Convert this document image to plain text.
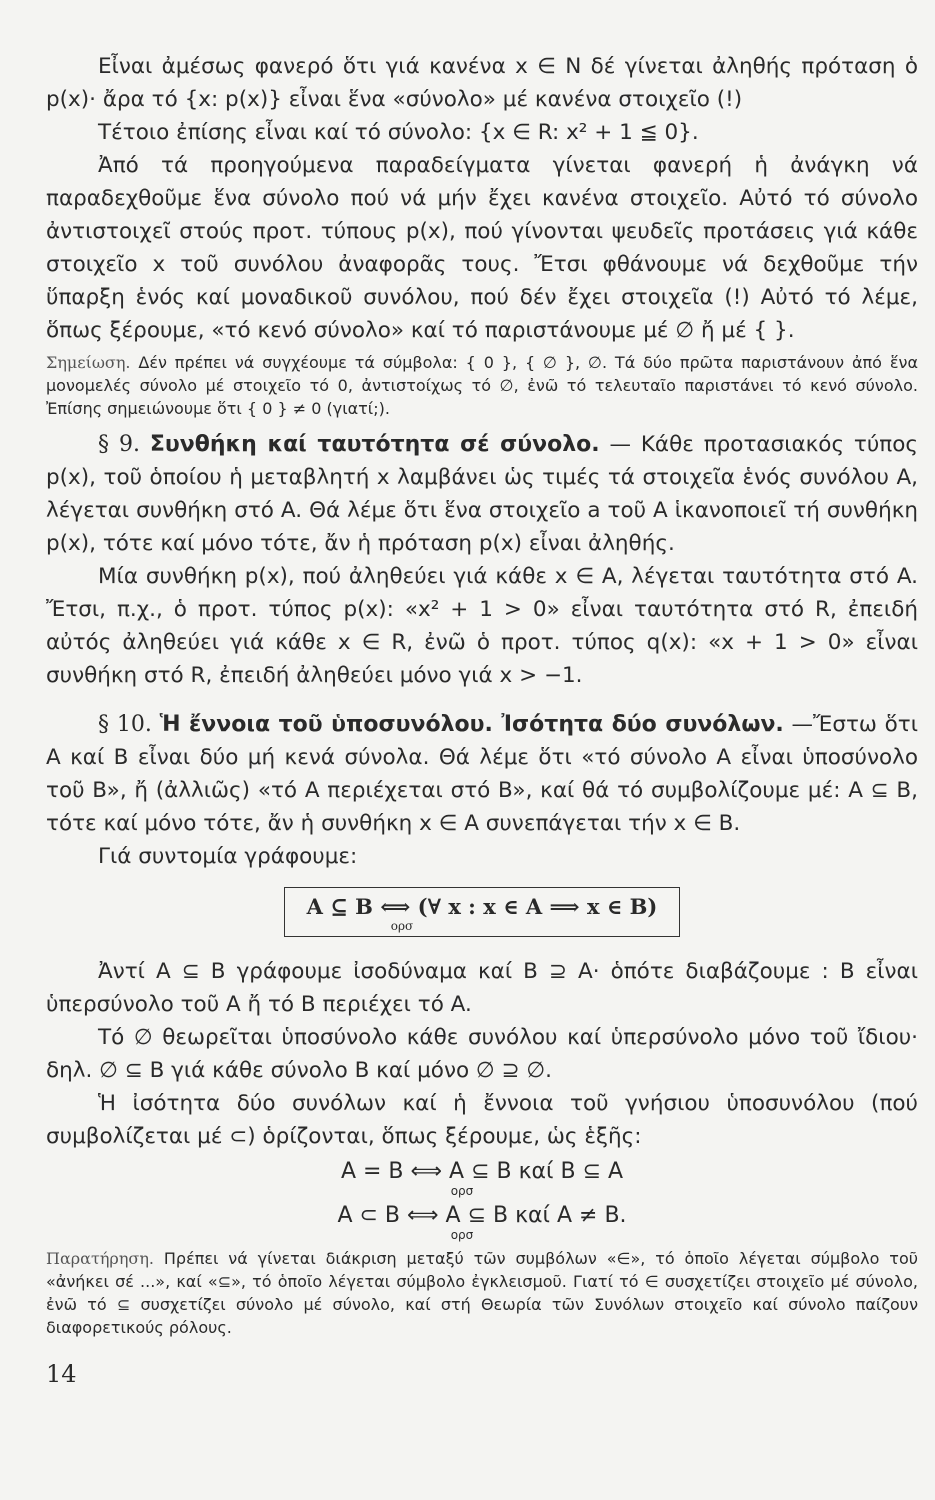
Εἶναι ἀμέσως φανερό ὅτι γιά κανένα x ∈ N δέ γίνεται ἀληθής πρόταση ὁ p(x)· ἄρα τό {x: p(x)} εἶναι ἕνα «σύνολο» μέ κανένα στοιχεῖο (!)

Τέτοιο ἐπίσης εἶναι καί τό σύνολο: {x ∈ R: x² + 1 ≦ 0}.

Ἀπό τά προηγούμενα παραδείγματα γίνεται φανερή ἡ ἀνάγκη νά παραδεχθοῦμε ἕνα σύνολο πού νά μήν ἔχει κανένα στοιχεῖο. Αὐτό τό σύνολο ἀντιστοιχεῖ στούς προτ. τύπους p(x), πού γίνονται ψευδεῖς προτάσεις γιά κάθε στοιχεῖο x τοῦ συνόλου ἀναφορᾶς τους. Ἔτσι φθάνουμε νά δεχθοῦμε τήν ὕπαρξη ἑνός καί μοναδικοῦ συνόλου, πού δέν ἔχει στοιχεῖα (!) Αὐτό τό λέμε, ὅπως ξέρουμε, «τό κενό σύνολο» καί τό παριστάνουμε μέ ∅ ἤ μέ { }.

Σημείωση. Δέν πρέπει νά συγχέουμε τά σύμβολα: { 0 }, { ∅ }, ∅. Τά δύο πρῶτα παριστάνουν ἀπό ἕνα μονομελές σύνολο μέ στοιχεῖο τό 0, ἀντιστοίχως τό ∅, ἐνῶ τό τελευταῖο παριστάνει τό κενό σύνολο. Ἐπίσης σημειώνουμε ὅτι { 0 } ≠ 0 (γιατί;).

§ 9. Συνθήκη καί ταυτότητα σέ σύνολο. — Κάθε προτασιακός τύπος p(x), τοῦ ὁποίου ἡ μεταβλητή x λαμβάνει ὡς τιμές τά στοιχεῖα ἑνός συνόλου A, λέγεται συνθήκη στό A. Θά λέμε ὅτι ἕνα στοιχεῖο a τοῦ A ἱκανοποιεῖ τή συνθήκη p(x), τότε καί μόνο τότε, ἄν ἡ πρόταση p(x) εἶναι ἀληθής.

Μία συνθήκη p(x), πού ἀληθεύει γιά κάθε x ∈ A, λέγεται ταυτότητα στό A. Ἔτσι, π.χ., ὁ προτ. τύπος p(x): «x² + 1 > 0» εἶναι ταυτότητα στό R, ἐπειδή αὐτός ἀληθεύει γιά κάθε x ∈ R, ἐνῶ ὁ προτ. τύπος q(x): «x + 1 > 0» εἶναι συνθήκη στό R, ἐπειδή ἀληθεύει μόνο γιά x > −1.

§ 10. Ἡ ἔννοια τοῦ ὑποσυνόλου. Ἰσότητα δύο συνόλων. —Ἔστω ὅτι A καί B εἶναι δύο μή κενά σύνολα. Θά λέμε ὅτι «τό σύνολο A εἶναι ὑποσύνολο τοῦ B», ἤ (ἀλλιῶς) «τό A περιέχεται στό B», καί θά τό συμβολίζουμε μέ: A ⊆ B, τότε καί μόνο τότε, ἄν ἡ συνθήκη x ∈ A συνεπάγεται τήν x ∈ B.

Γιά συντομία γράφουμε:

A ⊆ B ⟺ (∀ x : x ∈ A ⟹ x ∈ B)
ορσ

Ἀντί A ⊆ B γράφουμε ἰσοδύναμα καί B ⊇ A· ὁπότε διαβάζουμε : B εἶναι ὑπερσύνολο τοῦ A ἤ τό B περιέχει τό A.

Τό ∅ θεωρεῖται ὑποσύνολο κάθε συνόλου καί ὑπερσύνολο μόνο τοῦ ἴδιου· δηλ. ∅ ⊆ B γιά κάθε σύνολο B καί μόνο ∅ ⊇ ∅.

Ἡ ἰσότητα δύο συνόλων καί ἡ ἔννοια τοῦ γνήσιου ὑποσυνόλου (πού συμβολίζεται μέ ⊂) ὁρίζονται, ὅπως ξέρουμε, ὡς ἑξῆς:

A = B ⟺ A ⊆ B καί B ⊆ A
ορσ
A ⊂ B ⟺ A ⊆ B καί A ≠ B.
ορσ

Παρατήρηση. Πρέπει νά γίνεται διάκριση μεταξύ τῶν συμβόλων «∈», τό ὁποῖο λέγεται σύμβολο τοῦ «ἀνήκει σέ ...», καί «⊆», τό ὁποῖο λέγεται σύμβολο ἐγκλεισμοῦ. Γιατί τό ∈ συσχετίζει στοιχεῖο μέ σύνολο, ἐνῶ τό ⊆ συσχετίζει σύνολο μέ σύνολο, καί στή Θεωρία τῶν Συνόλων στοιχεῖο καί σύνολο παίζουν διαφορετικούς ρόλους.

14
